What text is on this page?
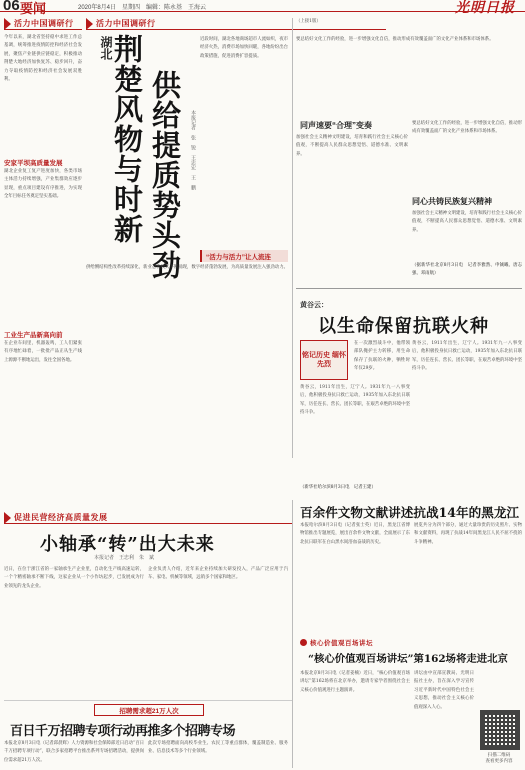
06 要闻	2020年8月4日　星期四　编辑：陈永基　王海云	光明日报
活力中国调研行
今年以来，湖北省坚持稳中求进工作总基调，统筹推进疫情防控和经济社会发展，聚焦产业链供应链稳定，积极推动荆楚大地经济加快复苏、稳步回升，奋力夺取疫情防控和经济社会发展双胜利。
安家平坝高质量发展
湖北企业复工复产进度加快，各类市场主体活力持续增强，产业集群效应逐步显现，重点项目建设有序推进，为实现全年目标任务奠定坚实基础。
工业生产品新高向前
在企业车间里，机器轰鸣，工人们紧张有序地忙碌着，一批批产品正从生产线上源源不断地运出，发往全国各地。
活力中国调研行
湖北
荆楚风物与时新 供给提质势头劲	本报记者　张　锐　王忠宏　王　鹏
近段时间，湖北各地商场超市人流如织，夜市经济火热，消费市场加快回暖，各地纷纷出台政策措施，促进消费扩容提质。
“活力与活力”让人流连
供给侧结构性改革持续深化，新业态新模式不断涌现，数字经济蓬勃发展，为高质量发展注入强劲动力。
（上接1版）
要总结好文化工作的经验，进一步增强文化自信，推动形成有效覆盖面广的文化产业体系和市场体系。
同声速要“合理”变奏
加强社会主义精神文明建设，培育和践行社会主义核心价值观，不断提高人民群众思想觉悟、道德水准、文明素养。
同心共铸民族复兴精神
要总结好文化工作的经验，进一步增强文化自信，推动形成有效覆盖面广的文化产业体系和市场体系。
加强社会主义精神文明建设，培育和践行社会主义核心价值观，不断提高人民群众思想觉悟、道德水准、文明素养。
（据新华社北京8月3日电　记者李雅然、申铖曦、唐志强、邓雨航）
黄谷云：
以生命保留抗联火种
铭记历史 缅怀先烈
黄谷云，1911年出生，辽宁人。1931年九一八事变后，他积极投身抗日救亡运动，1935年加入东北抗日联军，历任连长、营长、团长等职，在艰苦卓绝的环境中坚持斗争。
在一次激烈战斗中，他带领部队掩护主力转移，用生命保存了抗联的火种，牺牲时年仅29岁。
黄谷云，1911年出生，辽宁人。1931年九一八事变后，他积极投身抗日救亡运动，1935年加入东北抗日联军，历任连长、营长、团长等职，在艰苦卓绝的环境中坚持斗争。
（新华社哈尔滨8月3日电　记者王建）
促进民营经济高质量发展
小轴承“转”出大未来
本报记者　王忠利　朱　斌
近日，在位于浙江省的一家轴承生产企业里，自动化生产线高速运转，一个个精密轴承不断下线，这家企业从一个小作坊起步，已发展成为行业领先的龙头企业。
企业负责人介绍，近年来企业持续加大研发投入，产品广泛应用于汽车、家电、机械等领域，远销多个国家和地区。
百余件文物文献讲述抗战14年的黑龙江
本报哈尔滨8月3日电（记者张士英）近日，黑龙江省博物馆推出专题展览，展出百余件文物文献，全面展示了东北抗日联军在白山黑水间浴血奋战的历史。
展览共分为四个部分，通过大量珍贵的历史照片、实物和文献资料，再现了抗战14年间黑龙江人民不屈不挠的斗争精神。
核心价值观百场讲坛
“核心价值观百场讲坛”第162场将走进北京
本报北京8月3日电（记者姜楠）近日，“核心价值观百场讲坛”第162场将在北京举办，邀请专家学者围绕社会主义核心价值观进行主题演讲。
讲坛由中宣部宣教局、光明日报社主办，旨在深入学习宣传习近平新时代中国特色社会主义思想，推动社会主义核心价值观深入人心。
扫描二维码
查看更多内容
招聘需求超21万人次
百日千万招聘专项行动再推多个招聘专场
本报北京8月3日电（记者邱晨辉）人力资源和社会保障部近日启动“百日千万招聘专项行动”，联合多家招聘平台推出系列专场招聘活动，提供岗位需求超21万人次。
此次专场招聘面向高校毕业生、农民工等重点群体，覆盖制造业、服务业、信息技术等多个行业领域。
